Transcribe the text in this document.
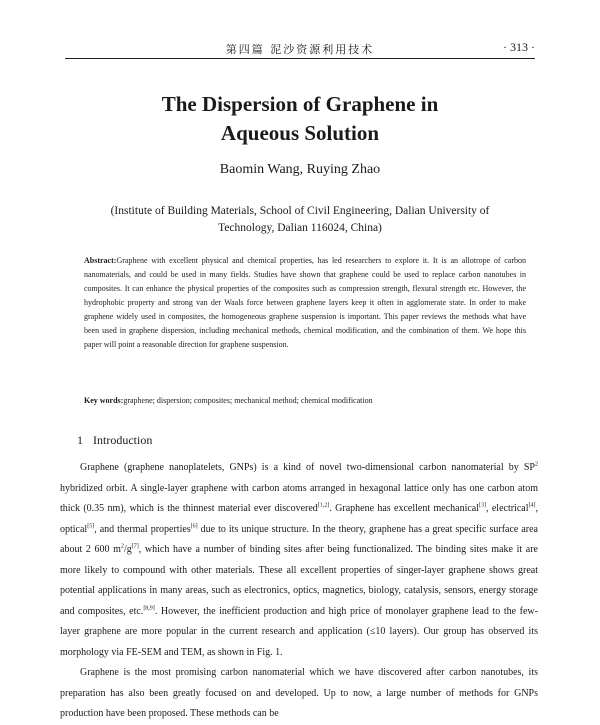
第四篇 泥沙资源利用技术	· 313 ·
The Dispersion of Graphene in
Aqueous Solution
Baomin Wang, Ruying Zhao
(Institute of Building Materials, School of Civil Engineering, Dalian University of
Technology, Dalian 116024, China)
Abstract:Graphene with excellent physical and chemical properties, has led researchers to explore it. It is an allotrope of carbon nanomaterials, and could be used in many fields. Studies have shown that graphene could be used to replace carbon nanotubes in composites. It can enhance the physical properties of the composites such as compression strength, flexural strength etc. However, the hydrophobic property and strong van der Waals force between graphene layers keep it often in agglomerate state. In order to make graphene widely used in composites, the homogeneous graphene suspension is important. This paper reviews the methods what have been used in graphene dispersion, including mechanical methods, chemical modification, and the combination of them. We hope this paper will point a reasonable direction for graphene suspension.
Key words:graphene; dispersion; composites; mechanical method; chemical modification
1 Introduction

Graphene (graphene nanoplatelets, GNPs) is a kind of novel two-dimensional carbon nanomaterial by $SP^2$ hybridized orbit. A single-layer graphene with carbon atoms arranged in hexagonal lattice only has one carbon atom thick (0.35 nm), which is the thinnest material ever discovered[1,2]. Graphene has excellent mechanical[3], electrical[4], optical[5], and thermal properties[6] due to its unique structure. In the theory, graphene has a great specific surface area about 2 600 $m^2/g[7]$, which have a number of binding sites after being functionalized. The binding sites make it are more likely to compound with other materials. These all excellent properties of singer-layer graphene shows great potential applications in many areas, such as electronics, optics, magnetics, biology, catalysis, sensors, energy storage and composites, etc.[8,9]. However, the inefficient production and high price of monolayer graphene lead to the few-layer graphene are more popular in the current research and application (≤10 layers). Our group has observed its morphology via FE-SEM and TEM, as shown in Fig. 1.

Graphene is the most promising carbon nanomaterial which we have discovered after carbon nanotubes, its preparation has also been greatly focused on and developed. Up to now, a large number of methods for GNPs production have been proposed. These methods can be
